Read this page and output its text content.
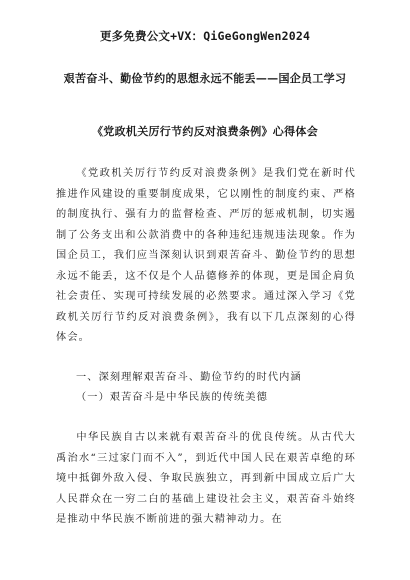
更多免费公文+VX：QiGeGongWen2024
艰苦奋斗、勤俭节约的思想永远不能丢——国企员工学习
《党政机关厉行节约反对浪费条例》心得体会
《党政机关厉行节约反对浪费条例》是我们党在新时代推进作风建设的重要制度成果，它以刚性的制度约束、严格的制度执行、强有力的监督检查、严厉的惩戒机制，切实遏制了公务支出和公款消费中的各种违纪违规违法现象。作为国企员工，我们应当深刻认识到艰苦奋斗、勤俭节约的思想永远不能丢，这不仅是个人品德修养的体现，更是国企肩负社会责任、实现可持续发展的必然要求。通过深入学习《党政机关厉行节约反对浪费条例》，我有以下几点深刻的心得体会。
一、深刻理解艰苦奋斗、勤俭节约的时代内涵
（一）艰苦奋斗是中华民族的传统美德
中华民族自古以来就有艰苦奋斗的优良传统。从古代大禹治水“三过家门而不入”，到近代中国人民在艰苦卓绝的环境中抵御外敌入侵、争取民族独立，再到新中国成立后广大人民群众在一穷二白的基础上建设社会主义，艰苦奋斗始终是推动中华民族不断前进的强大精神动力。在
